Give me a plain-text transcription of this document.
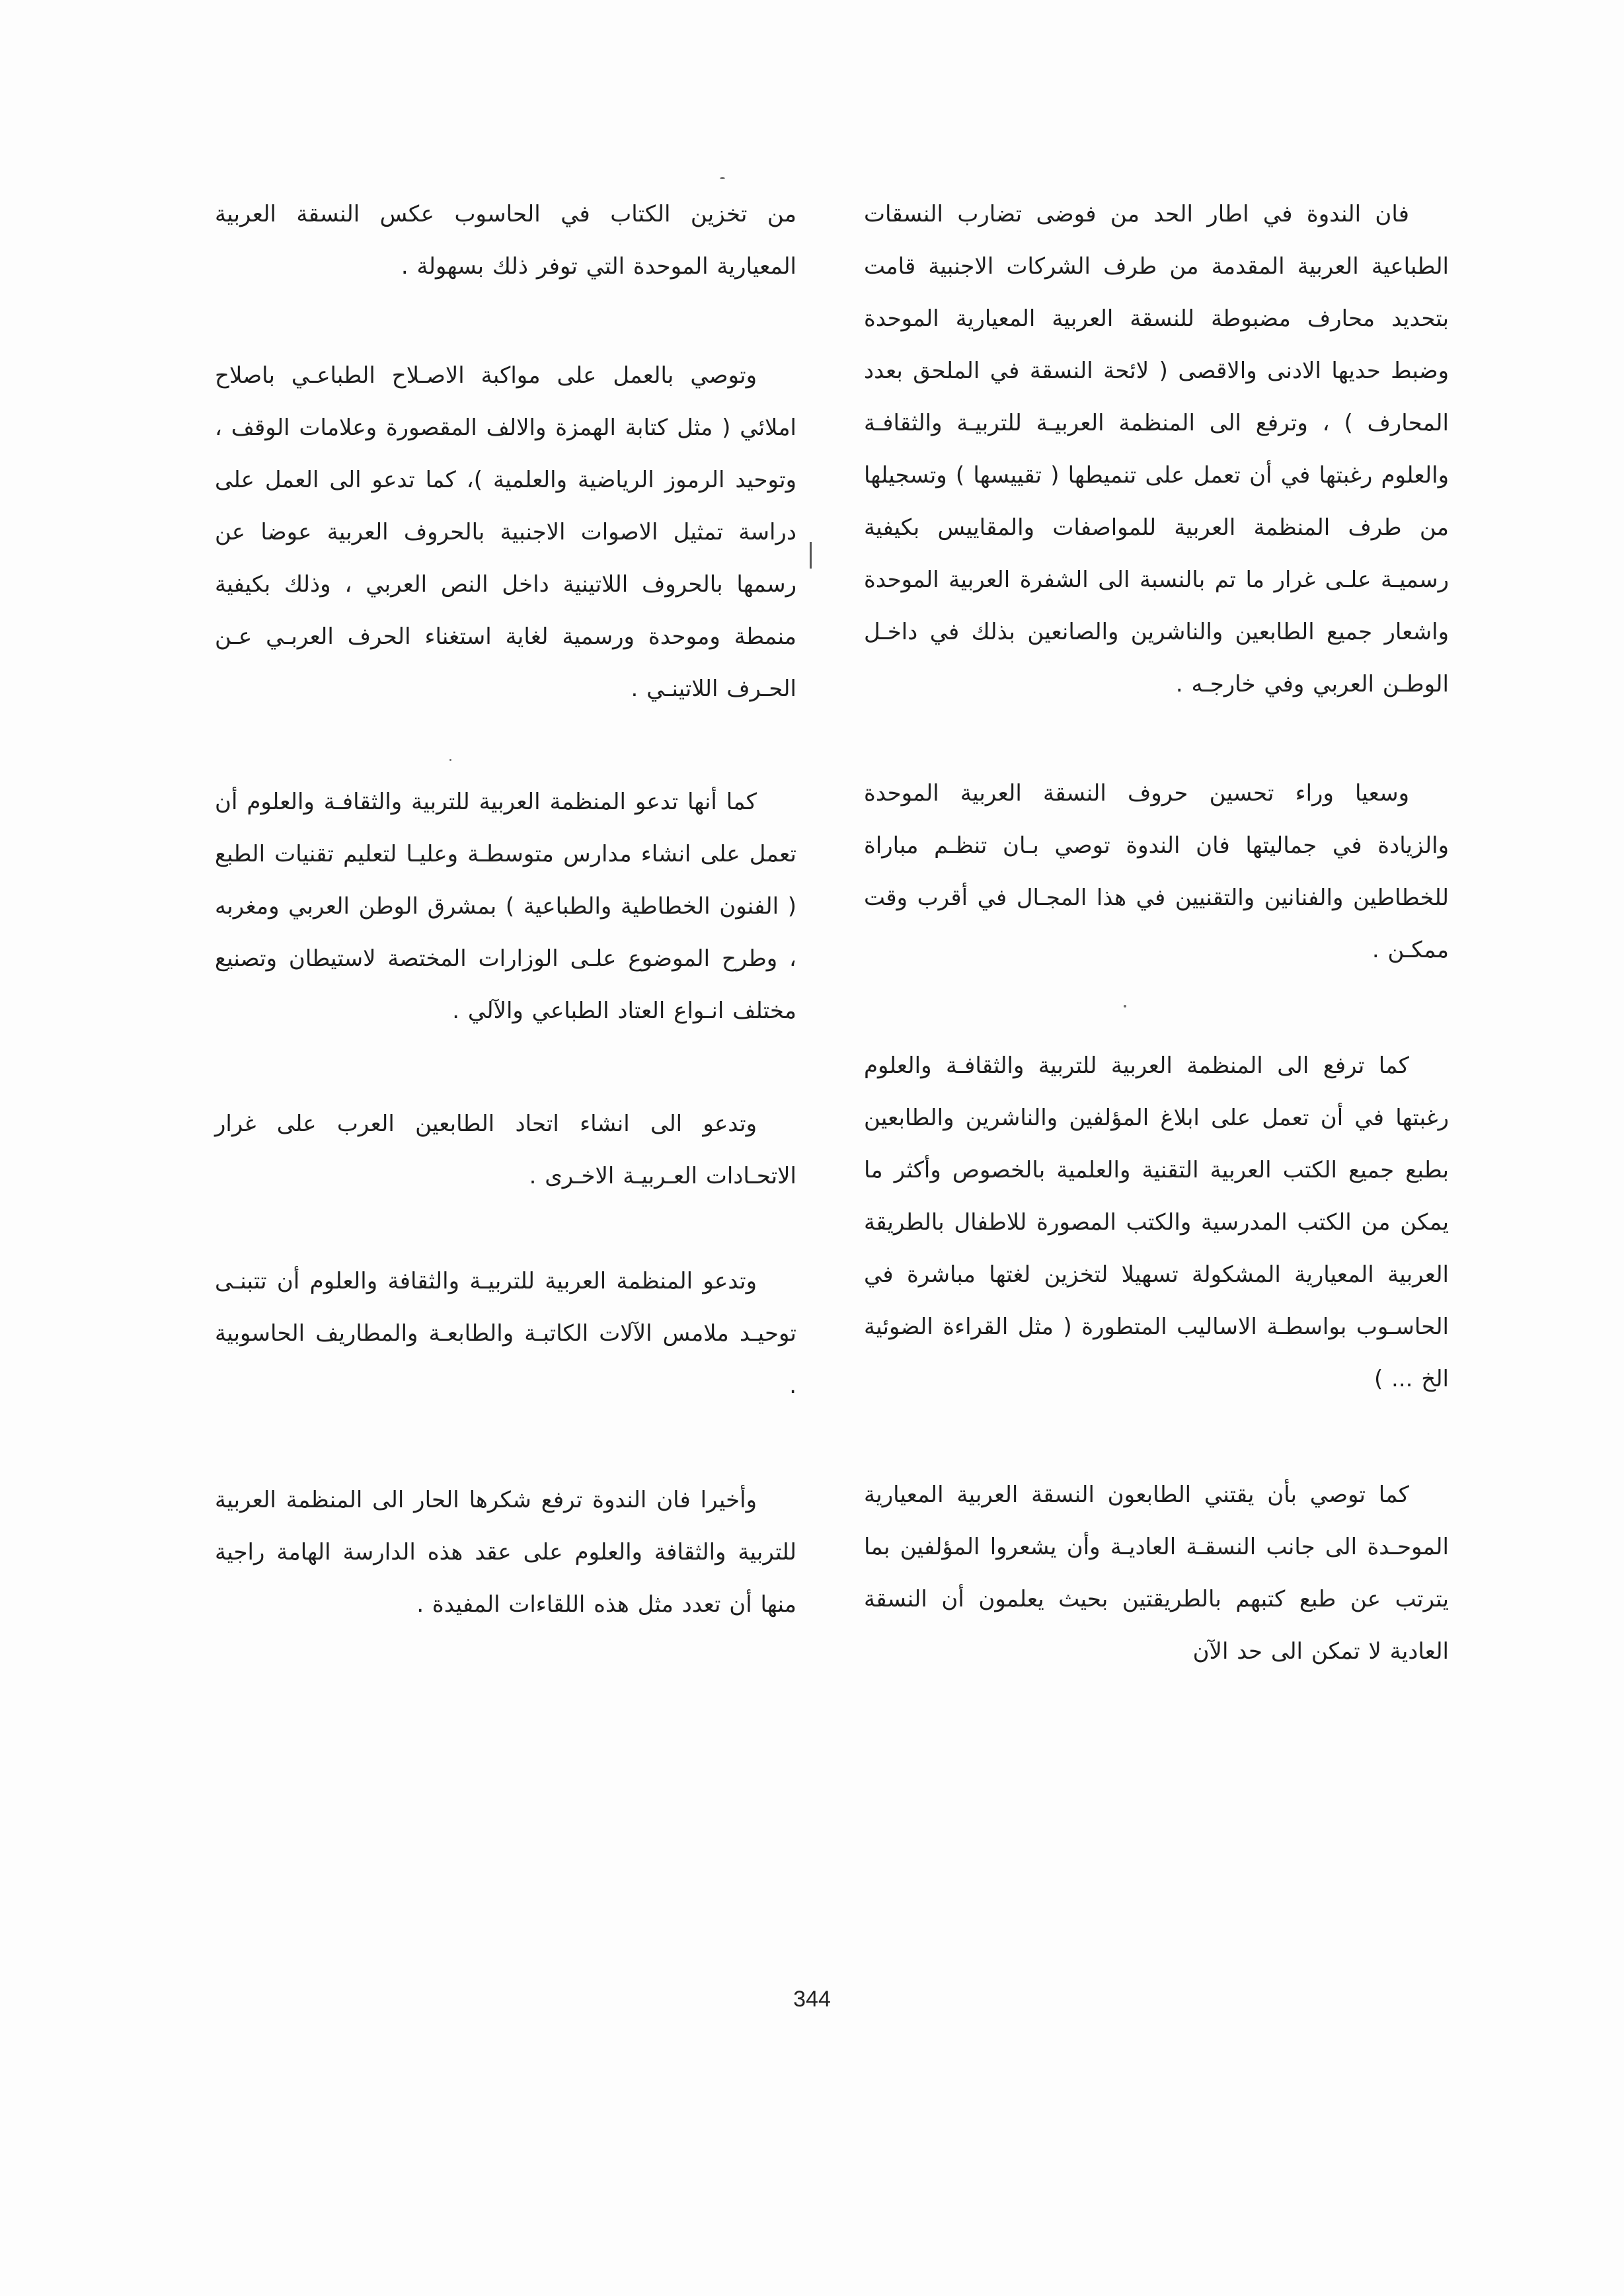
فان الندوة في اطار الحد من فوضى تضارب النسقات الطباعية العربية المقدمة من طرف الشركات الاجنبية قامت بتحديد محارف مضبوطة للنسقة العربية المعيارية الموحدة وضبط حديها الادنى والاقصى ( لائحة النسقة في الملحق بعدد المحارف ) ، وترفع الى المنظمة العربيـة للتربيـة والثقافـة والعلوم رغبتها في أن تعمل على تنميطها ( تقييسها ) وتسجيلها من طرف المنظمة العربية للمواصفات والمقاييس بكيفية رسميـة علـى غرار ما تم بالنسبة الى الشفرة العربية الموحدة واشعار جميع الطابعين والناشرين والصانعين بذلك في داخـل الوطـن العربي وفي خارجـه .

وسعيا وراء تحسين حروف النسقة العربية الموحدة والزيادة في جماليتها فان الندوة توصي بـان تنظـم مباراة للخطاطين والفنانين والتقنيين في هذا المجـال في أقرب وقت ممكـن .

كما ترفع الى المنظمة العربية للتربية والثقافـة والعلوم رغبتها في أن تعمل على ابلاغ المؤلفين والناشرين والطابعين بطبع جميع الكتب العربية التقنية والعلمية بالخصوص وأكثر ما يمكن من الكتب المدرسية والكتب المصورة للاطفال بالطريقة العربية المعيارية المشكولة تسهيلا لتخزين لغتها مباشرة في الحاسـوب بواسطـة الاساليب المتطورة ( مثل القراءة الضوئية الخ ... )

كما توصي بأن يقتني الطابعون النسقة العربية المعيارية الموحـدة الى جانب النسقـة العاديـة وأن يشعروا المؤلفين بما يترتب عن طبع كتبهم بالطريقتين بحيث يعلمون أن النسقة العادية لا تمكن الى حد الآن

من تخزين الكتاب في الحاسوب عكس النسقة العربية المعيارية الموحدة التي توفر ذلك بسهولة .

وتوصي بالعمل على مواكبة الاصـلاح الطباعـي باصلاح املائي ( مثل كتابة الهمزة والالف المقصورة وعلامات الوقف ، وتوحيد الرموز الرياضية والعلمية )، كما تدعو الى العمل على دراسة تمثيل الاصوات الاجنبية بالحروف العربية عوضا عن رسمها بالحروف اللاتينية داخل النص العربي ، وذلك بكيفية منمطة وموحدة ورسمية لغاية استغناء الحرف العربـي عـن الحـرف اللاتينـي .

كما أنها تدعو المنظمة العربية للتربية والثقافـة والعلوم أن تعمل على انشاء مدارس متوسطـة وعليـا لتعليم تقنيات الطبع ( الفنون الخطاطية والطباعية ) بمشرق الوطن العربي ومغربه ، وطرح الموضوع علـى الوزارات المختصة لاستيطان وتصنيع مختلف انـواع العتاد الطباعي والآلي .

وتدعو الى انشاء اتحاد الطابعين العرب على غرار الاتحـادات العـربيـة الاخـرى .

وتدعو المنظمة العربية للتربيـة والثقافة والعلوم أن تتبنـى توحيـد ملامس الآلات الكاتبـة والطابعـة والمطاريف الحاسوبية .

وأخيرا فان الندوة ترفع شكرها الحار الى المنظمة العربية للتربية والثقافة والعلوم على عقد هذه الدارسة الهامة راجية منها أن تعدد مثل هذه اللقاءات المفيدة .

344
